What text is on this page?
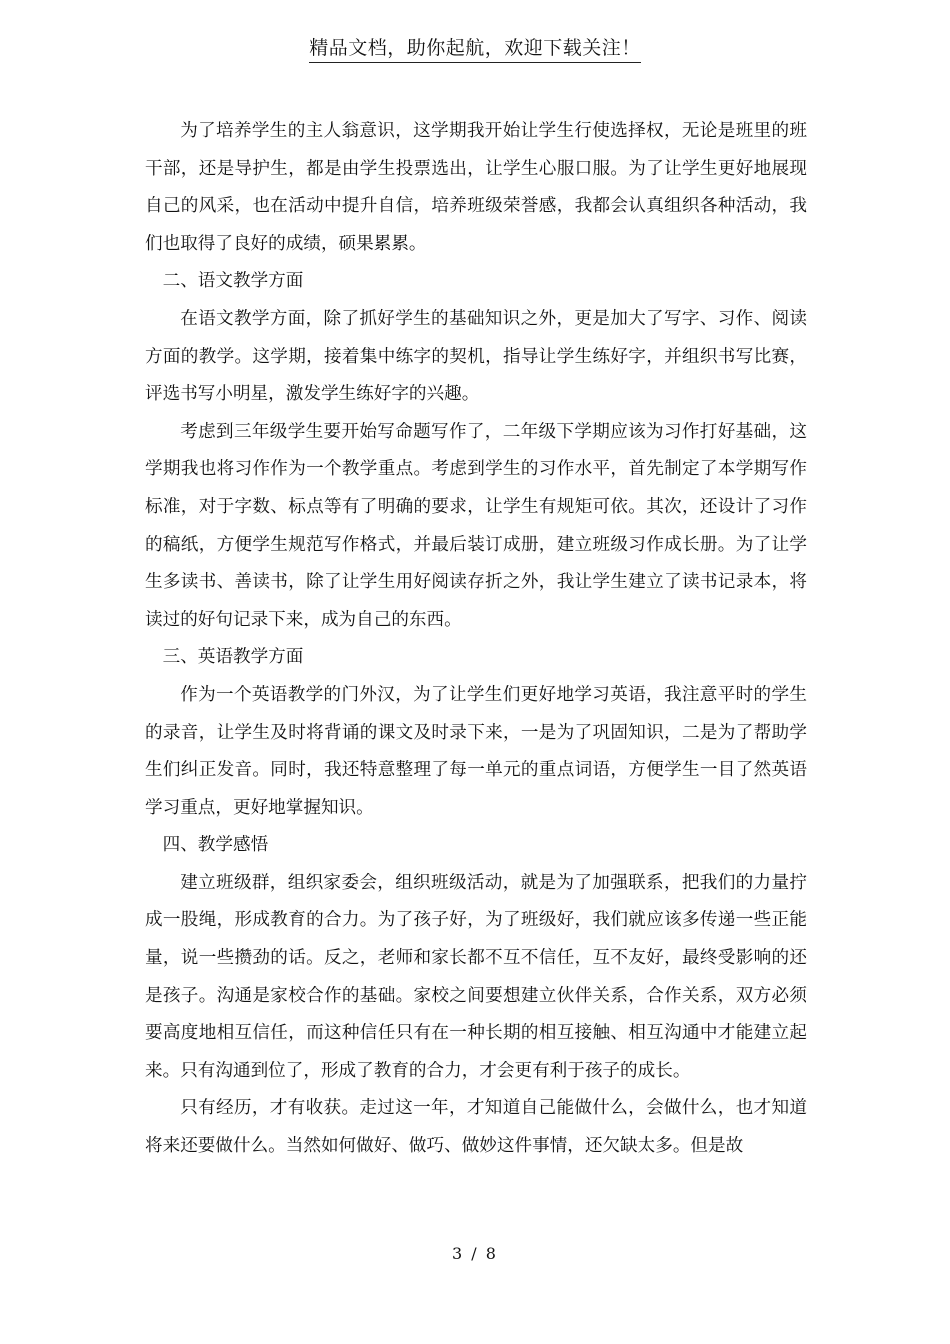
精品文档，助你起航，欢迎下载关注！

为了培养学生的主人翁意识，这学期我开始让学生行使选择权，无论是班里的班干部，还是导护生，都是由学生投票选出，让学生心服口服。为了让学生更好地展现自己的风采，也在活动中提升自信，培养班级荣誉感，我都会认真组织各种活动，我们也取得了良好的成绩，硕果累累。

二、语文教学方面

在语文教学方面，除了抓好学生的基础知识之外，更是加大了写字、习作、阅读方面的教学。这学期，接着集中练字的契机，指导让学生练好字，并组织书写比赛，评选书写小明星，激发学生练好字的兴趣。

考虑到三年级学生要开始写命题写作了，二年级下学期应该为习作打好基础，这学期我也将习作作为一个教学重点。考虑到学生的习作水平，首先制定了本学期写作标准，对于字数、标点等有了明确的要求，让学生有规矩可依。其次，还设计了习作的稿纸，方便学生规范写作格式，并最后装订成册，建立班级习作成长册。为了让学生多读书、善读书，除了让学生用好阅读存折之外，我让学生建立了读书记录本，将读过的好句记录下来，成为自己的东西。

三、英语教学方面

作为一个英语教学的门外汉，为了让学生们更好地学习英语，我注意平时的学生的录音，让学生及时将背诵的课文及时录下来，一是为了巩固知识，二是为了帮助学生们纠正发音。同时，我还特意整理了每一单元的重点词语，方便学生一目了然英语学习重点，更好地掌握知识。

四、教学感悟

建立班级群，组织家委会，组织班级活动，就是为了加强联系，把我们的力量拧成一股绳，形成教育的合力。为了孩子好，为了班级好，我们就应该多传递一些正能量，说一些攒劲的话。反之，老师和家长都不互不信任，互不友好，最终受影响的还是孩子。沟通是家校合作的基础。家校之间要想建立伙伴关系，合作关系，双方必须要高度地相互信任，而这种信任只有在一种长期的相互接触、相互沟通中才能建立起来。只有沟通到位了，形成了教育的合力，才会更有利于孩子的成长。

只有经历，才有收获。走过这一年，才知道自己能做什么，会做什么，也才知道将来还要做什么。当然如何做好、做巧、做妙这件事情，还欠缺太多。但是故

3 / 8
